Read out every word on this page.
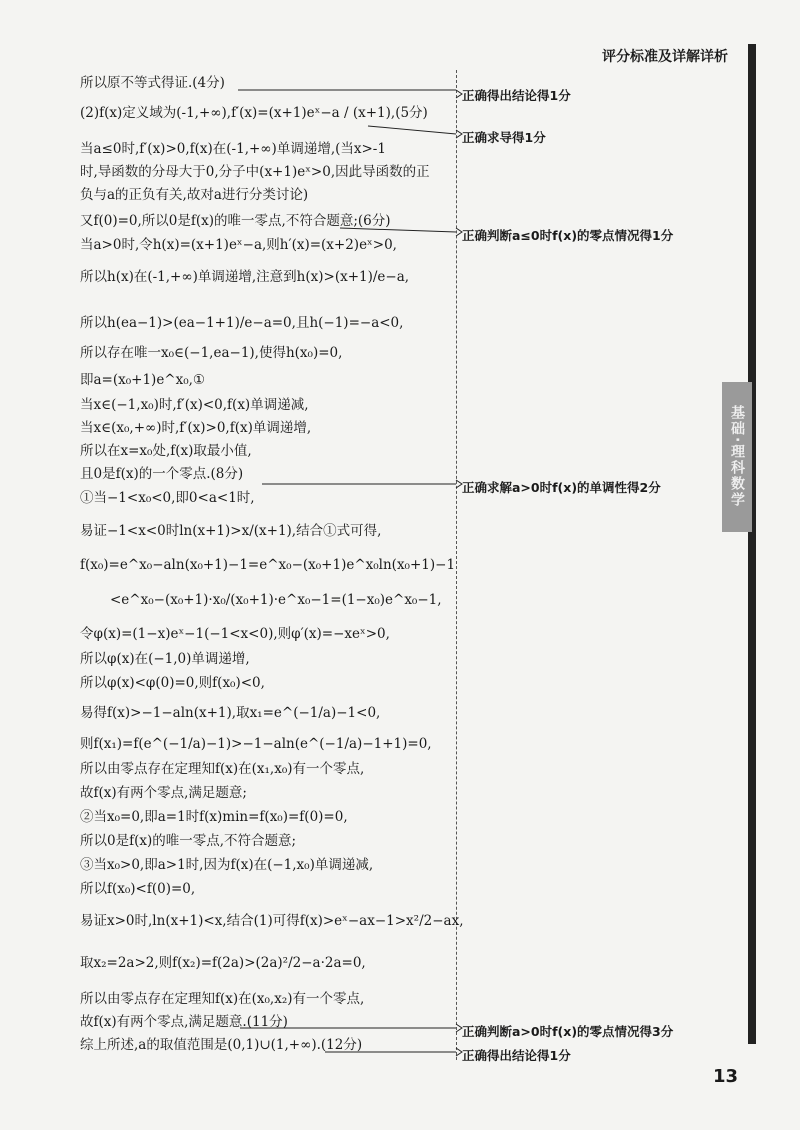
评分标准及详解详析
基础·理科数学
所以原不等式得证.(4分)
(2)f(x)定义域为(-1,+∞),f′(x)=(x+1)eˣ−a / (x+1),(5分)
当a≤0时,f′(x)>0,f(x)在(-1,+∞)单调递增,(当x>-1
时,导函数的分母大于0,分子中(x+1)eˣ>0,因此导函数的正
负与a的正负有关,故对a进行分类讨论)
又f(0)=0,所以0是f(x)的唯一零点,不符合题意;(6分)
当a>0时,令h(x)=(x+1)eˣ−a,则h′(x)=(x+2)eˣ>0,
所以h(x)在(-1,+∞)单调递增,注意到h(x)>(x+1)/e−a,
所以h(ea−1)>(ea−1+1)/e−a=0,且h(−1)=−a<0,
所以存在唯一x₀∈(−1,ea−1),使得h(x₀)=0,
即a=(x₀+1)e^x₀,①
当x∈(−1,x₀)时,f′(x)<0,f(x)单调递减,
当x∈(x₀,+∞)时,f′(x)>0,f(x)单调递增,
所以在x=x₀处,f(x)取最小值,
且0是f(x)的一个零点.(8分)
①当−1<x₀<0,即0<a<1时,
易证−1<x<0时ln(x+1)>x/(x+1),结合①式可得,
f(x₀)=e^x₀−aln(x₀+1)−1=e^x₀−(x₀+1)e^x₀ln(x₀+1)−1
<e^x₀−(x₀+1)·x₀/(x₀+1)·e^x₀−1=(1−x₀)e^x₀−1,
令φ(x)=(1−x)eˣ−1(−1<x<0),则φ′(x)=−xeˣ>0,
所以φ(x)在(−1,0)单调递增,
所以φ(x)<φ(0)=0,则f(x₀)<0,
易得f(x)>−1−aln(x+1),取x₁=e^(−1/a)−1<0,
则f(x₁)=f(e^(−1/a)−1)>−1−aln(e^(−1/a)−1+1)=0,
所以由零点存在定理知f(x)在(x₁,x₀)有一个零点,
故f(x)有两个零点,满足题意;
②当x₀=0,即a=1时f(x)min=f(x₀)=f(0)=0,
所以0是f(x)的唯一零点,不符合题意;
③当x₀>0,即a>1时,因为f(x)在(−1,x₀)单调递减,
所以f(x₀)<f(0)=0,
易证x>0时,ln(x+1)<x,结合(1)可得f(x)>eˣ−ax−1>x²/2−ax,
取x₂=2a>2,则f(x₂)=f(2a)>(2a)²/2−a·2a=0,
所以由零点存在定理知f(x)在(x₀,x₂)有一个零点,
故f(x)有两个零点,满足题意.(11分)
综上所述,a的取值范围是(0,1)∪(1,+∞).(12分)
正确得出结论得1分
正确求导得1分
正确判断a≤0时f(x)的零点情况得1分
正确求解a>0时f(x)的单调性得2分
正确判断a>0时f(x)的零点情况得3分
正确得出结论得1分
13
